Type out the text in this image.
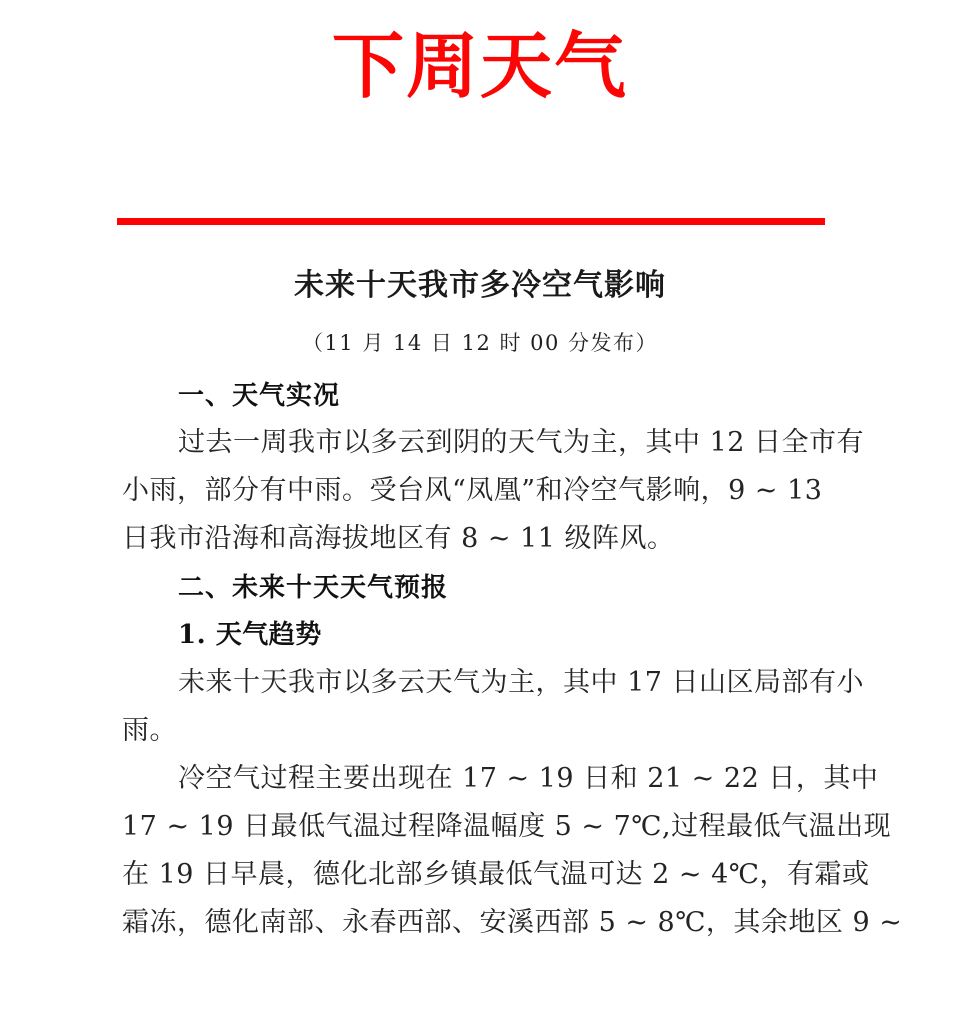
下周天气
未来十天我市多冷空气影响

（11 月 14 日 12 时 00 分发布）

一、天气实况

过去一周我市以多云到阴的天气为主，其中 12 日全市有
小雨，部分有中雨。受台风“凤凰”和冷空气影响，9 ~ 13
日我市沿海和高海拔地区有 8 ~ 11 级阵风。

二、未来十天天气预报
1. 天气趋势

未来十天我市以多云天气为主，其中 17 日山区局部有小
雨。

冷空气过程主要出现在 17 ~ 19 日和 21 ~ 22 日，其中
17 ~ 19 日最低气温过程降温幅度 5 ~ 7℃,过程最低气温出现
在 19 日早晨，德化北部乡镇最低气温可达 2 ~ 4℃，有霜或
霜冻，德化南部、永春西部、安溪西部 5 ~ 8℃，其余地区 9 ~
